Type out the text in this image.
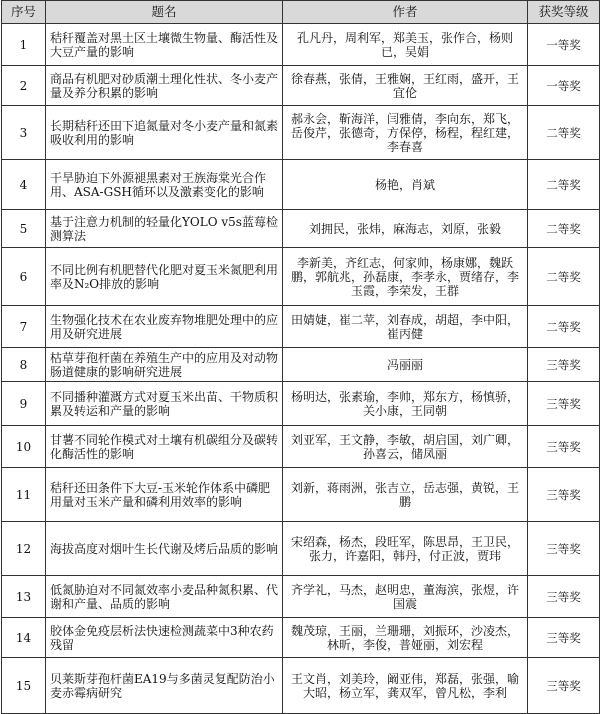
序号	题名	作者	获奖等级
1	秸秆覆盖对黑土区土壤微生物量、酶活性及大豆产量的影响	孔凡丹，周利军，郑美玉，张作合，杨则已，吴娟	一等奖
2	商品有机肥对砂质潮土理化性状、冬小麦产量及养分积累的影响	徐春燕，张倩，王雅娴，王红雨，盛开，王宜伦	一等奖
3	长期秸秆还田下追氮量对冬小麦产量和氮素吸收利用的影响	郝永会，靳海洋，闫雅倩，李向东，郑飞，岳俊芹，张德奇，方保停，杨程，程红建，李春喜	二等奖
4	干旱胁迫下外源褪黑素对王族海棠光合作用、ASA-GSH循环以及激素变化的影响	杨艳，肖斌	二等奖
5	基于注意力机制的轻量化YOLO v5s蓝莓检测算法	刘拥民，张炜，麻海志，刘原，张毅	二等奖
6	不同比例有机肥替代化肥对夏玉米氮肥利用率及N₂O排放的影响	李新美，齐红志，何家帅，杨康娜，魏跃鹏，郭航兆，孙磊康，李孝永，贾绪存，李玉霞，李荣发，王群	二等奖
7	生物强化技术在农业废弃物堆肥处理中的应用及研究进展	田婧婕，崔二苹，刘春成，胡超，李中阳，崔丙健	二等奖
8	枯草芽孢杆菌在养殖生产中的应用及对动物肠道健康的影响研究进展	冯丽丽	三等奖
9	不同播种灌溉方式对夏玉米出苗、干物质积累及转运和产量的影响	杨明达，张素瑜，李帅，郑东方，杨慎骄，关小康，王同朝	三等奖
10	甘薯不同轮作模式对土壤有机碳组分及碳转化酶活性的影响	刘亚军，王文静，李敏，胡启国，刘广卿，孙喜云，储凤丽	三等奖
11	秸秆还田条件下大豆-玉米轮作体系中磷肥用量对玉米产量和磷利用效率的影响	刘新，蒋雨洲，张吉立，岳志强，黄锐，王鹏	三等奖
12	海拔高度对烟叶生长代谢及烤后品质的影响	宋绍森，杨杰，段旺军，陈思昂，王卫民，张力，许嘉阳，韩丹，付正波，贾玮	三等奖
13	低氮胁迫对不同氮效率小麦品种氮积累、代谢和产量、品质的影响	齐学礼，马杰，赵明忠，董海滨，张煜，许国震	三等奖
14	胶体金免疫层析法快速检测蔬菜中3种农药残留	魏茂琼，王丽，兰珊珊，刘振环，沙凌杰，林昕，李俊，普娅丽，刘宏程	三等奖
15	贝莱斯芽孢杆菌EA19与多菌灵复配防治小麦赤霉病研究	王文肖，刘美玲，阚亚伟，郑磊，张强，喻大昭，杨立军，龚双军，曾凡松，李利	三等奖
